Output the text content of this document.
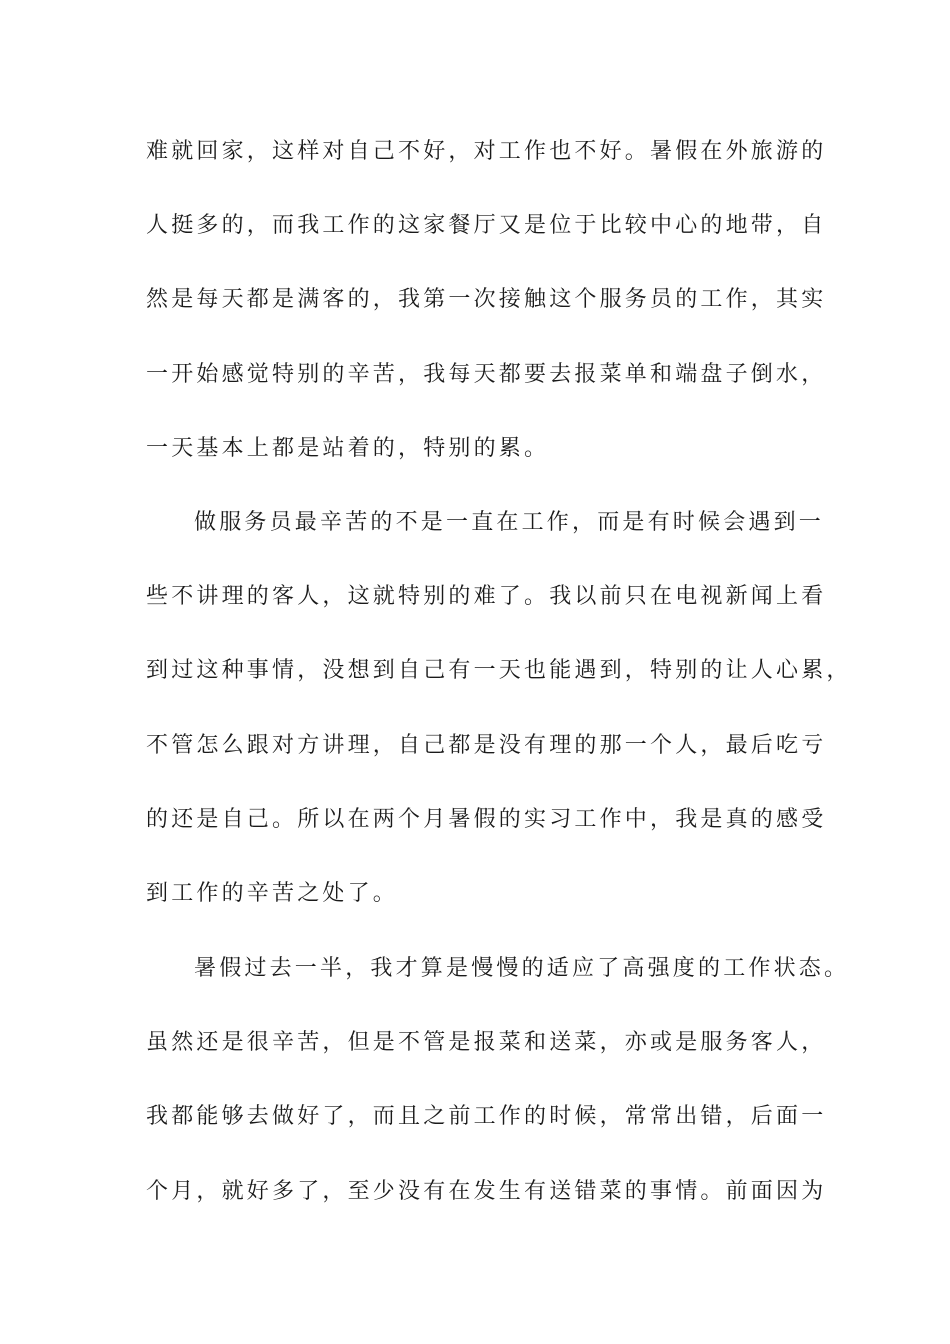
难就回家，这样对自己不好，对工作也不好。暑假在外旅游的
人挺多的，而我工作的这家餐厅又是位于比较中心的地带，自
然是每天都是满客的，我第一次接触这个服务员的工作，其实
一开始感觉特别的辛苦，我每天都要去报菜单和端盘子倒水，
一天基本上都是站着的，特别的累。
做服务员最辛苦的不是一直在工作，而是有时候会遇到一
些不讲理的客人，这就特别的难了。我以前只在电视新闻上看
到过这种事情，没想到自己有一天也能遇到，特别的让人心累，
不管怎么跟对方讲理，自己都是没有理的那一个人，最后吃亏
的还是自己。所以在两个月暑假的实习工作中，我是真的感受
到工作的辛苦之处了。
暑假过去一半，我才算是慢慢的适应了高强度的工作状态。
虽然还是很辛苦，但是不管是报菜和送菜，亦或是服务客人，
我都能够去做好了，而且之前工作的时候，常常出错，后面一
个月，就好多了，至少没有在发生有送错菜的事情。前面因为
